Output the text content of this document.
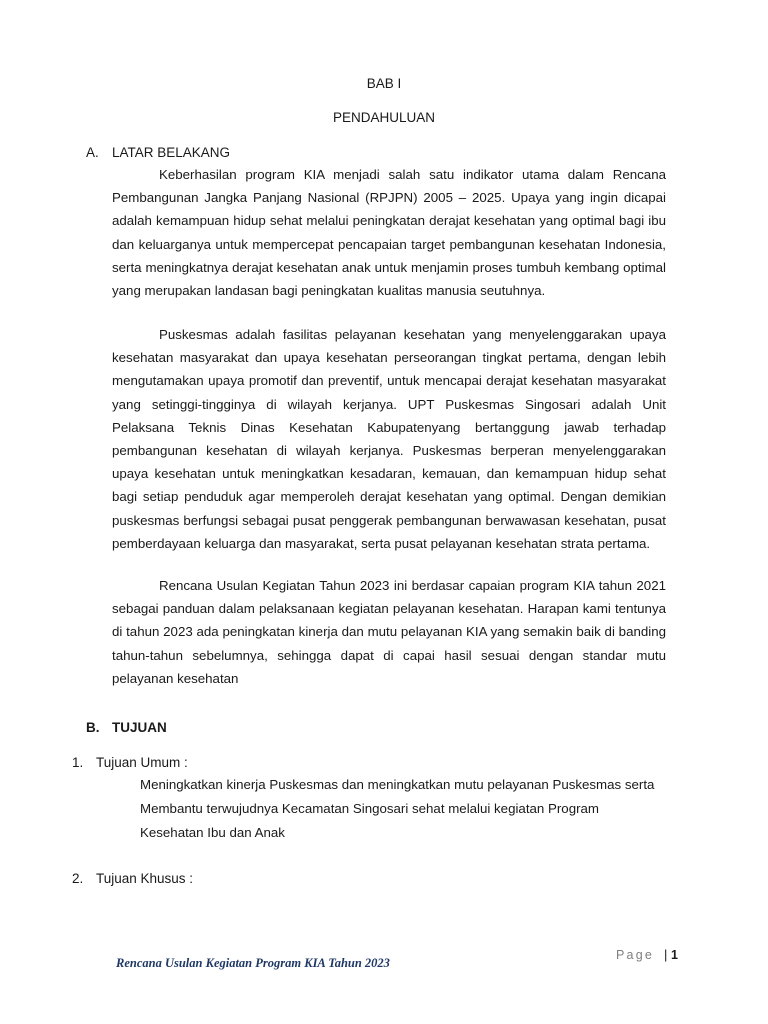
BAB I
PENDAHULUAN
A. LATAR BELAKANG

Keberhasilan program KIA menjadi salah satu indikator utama dalam Rencana Pembangunan Jangka Panjang Nasional (RPJPN) 2005 – 2025. Upaya yang ingin dicapai adalah kemampuan hidup sehat melalui peningkatan derajat kesehatan yang optimal bagi ibu dan keluarganya untuk mempercepat pencapaian target pembangunan kesehatan Indonesia, serta meningkatnya derajat kesehatan anak untuk menjamin proses tumbuh kembang optimal yang merupakan landasan bagi peningkatan kualitas manusia seutuhnya.

Puskesmas adalah fasilitas pelayanan kesehatan yang menyelenggarakan upaya kesehatan masyarakat dan upaya kesehatan perseorangan tingkat pertama, dengan lebih mengutamakan upaya promotif dan preventif, untuk mencapai derajat kesehatan masyarakat yang setinggi-tingginya di wilayah kerjanya. UPT Puskesmas Singosari adalah Unit Pelaksana Teknis Dinas Kesehatan Kabupatenyang bertanggung jawab terhadap pembangunan kesehatan di wilayah kerjanya. Puskesmas berperan menyelenggarakan upaya kesehatan untuk meningkatkan kesadaran, kemauan, dan kemampuan hidup sehat bagi setiap penduduk agar memperoleh derajat kesehatan yang optimal. Dengan demikian puskesmas berfungsi sebagai pusat penggerak pembangunan berwawasan kesehatan, pusat pemberdayaan keluarga dan masyarakat, serta pusat pelayanan kesehatan strata pertama.

Rencana Usulan Kegiatan Tahun 2023 ini berdasar capaian program KIA tahun 2021 sebagai panduan dalam pelaksanaan kegiatan pelayanan kesehatan. Harapan kami tentunya di tahun 2023 ada peningkatan kinerja dan mutu pelayanan KIA yang semakin baik di banding tahun-tahun sebelumnya, sehingga dapat di capai hasil sesuai dengan standar mutu pelayanan kesehatan

B. TUJUAN
1. Tujuan Umum :

Meningkatkan kinerja Puskesmas dan meningkatkan mutu pelayanan Puskesmas serta Membantu terwujudnya Kecamatan Singosari sehat melalui kegiatan Program Kesehatan Ibu dan Anak

2. Tujuan Khusus :
Rencana Usulan Kegiatan Program KIA Tahun 2023
Page | 1
